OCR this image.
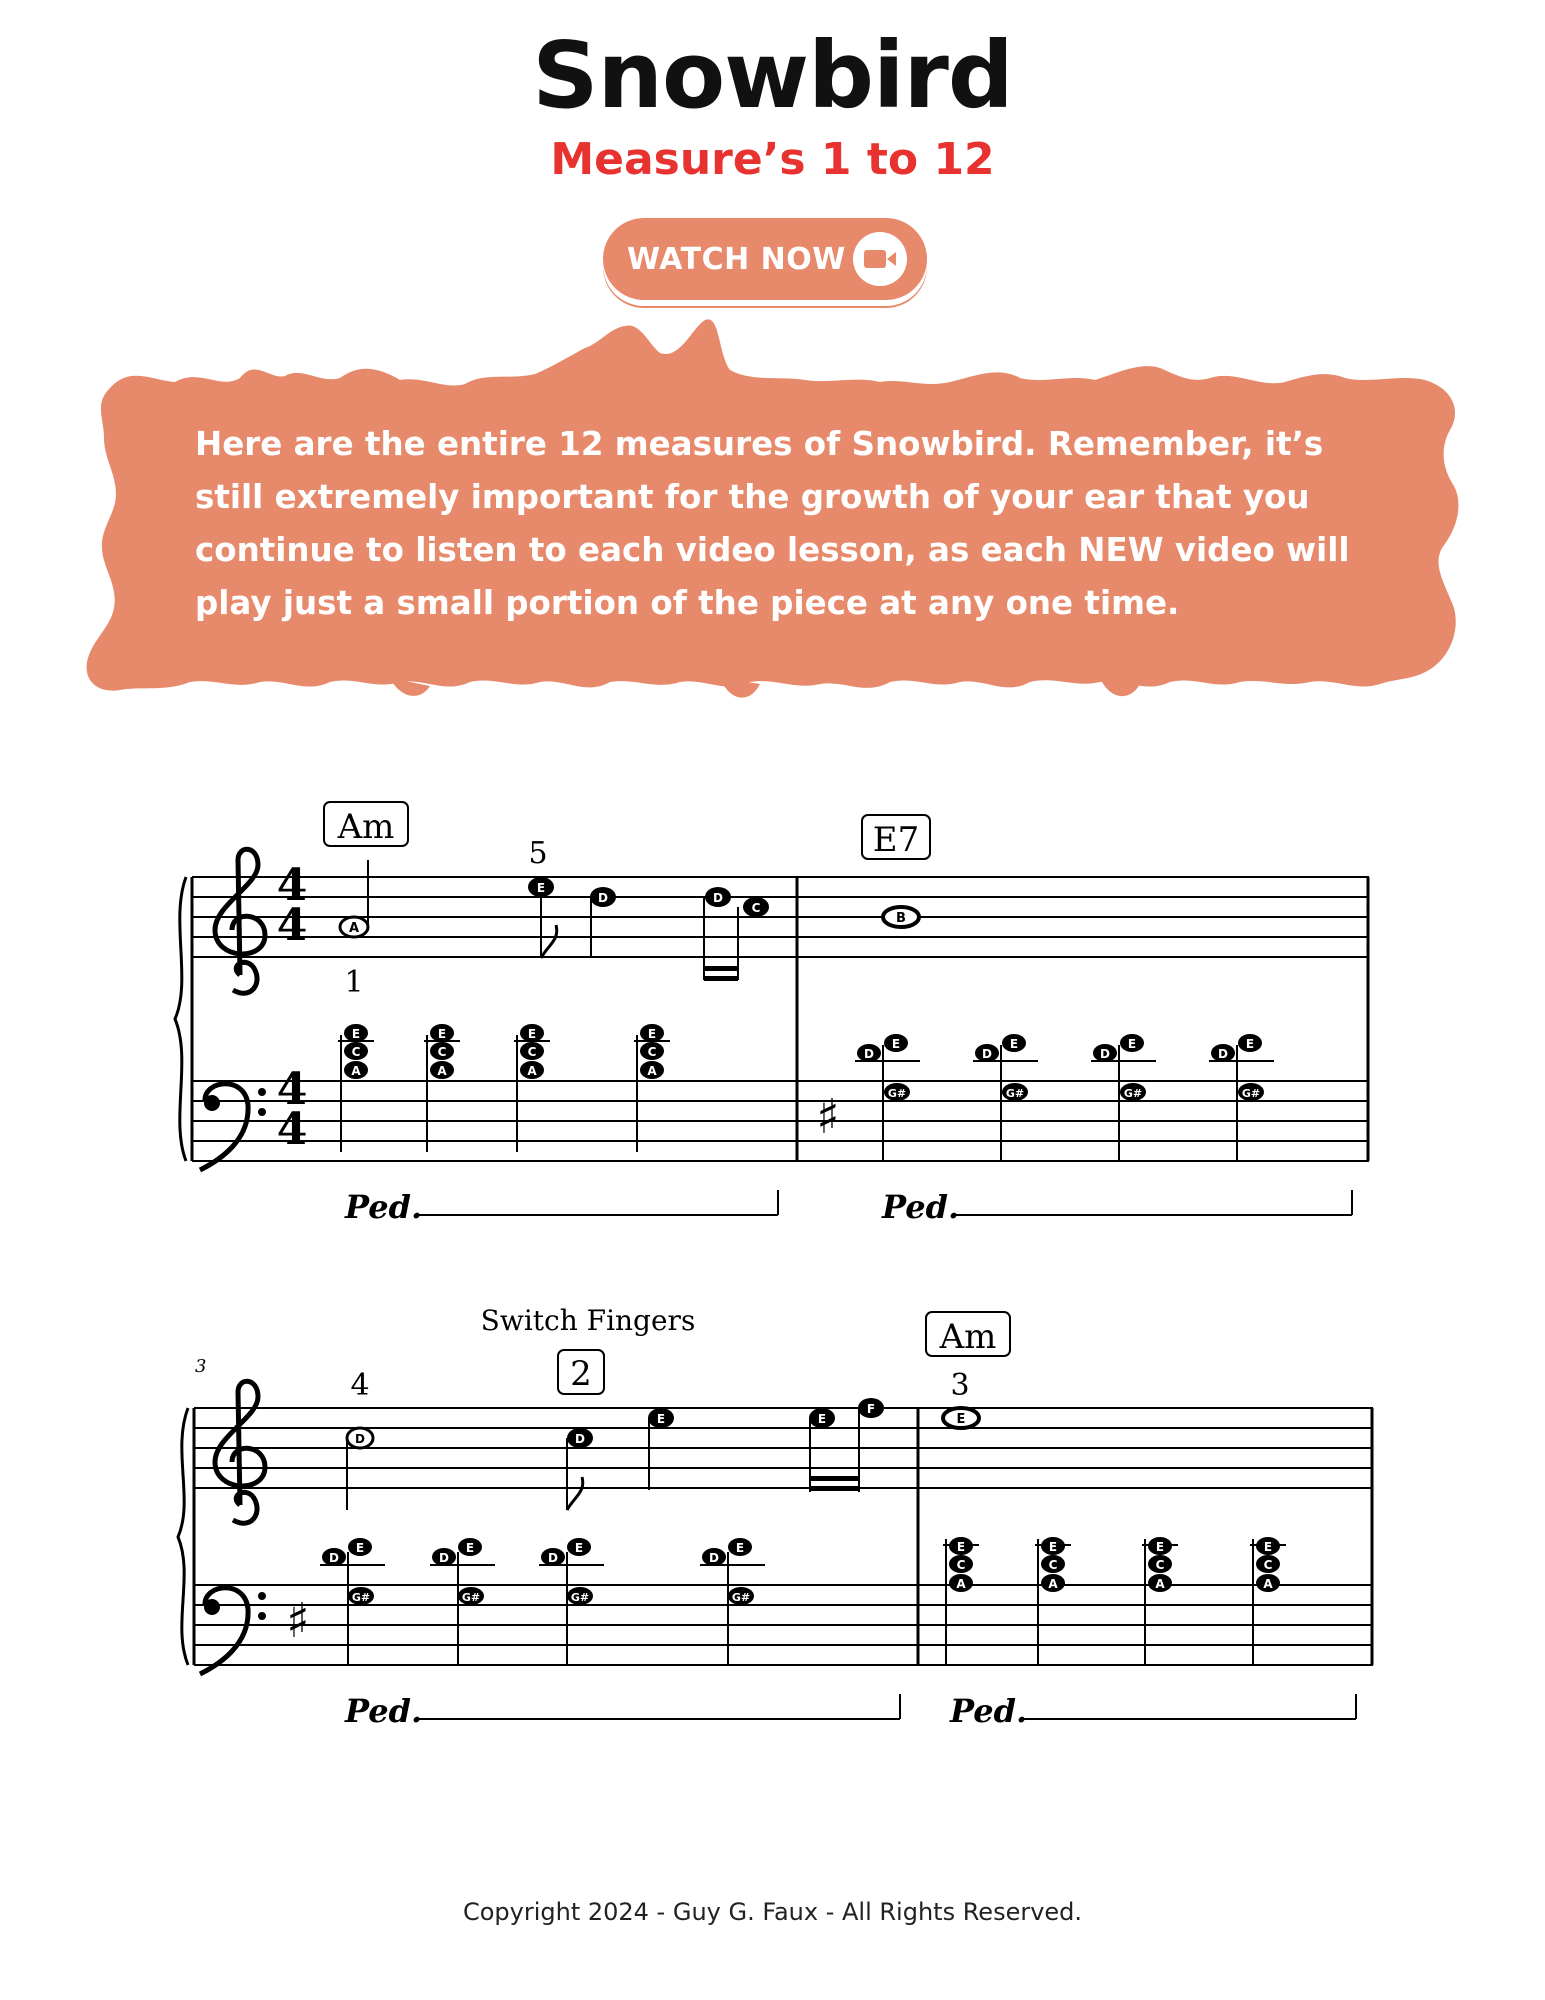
Snowbird
Measure’s 1 to 12
WATCH NOW
Here are the entire 12 measures of Snowbird. Remember, it’s still extremely important for the growth of your ear that you continue to listen to each video lesson, as each NEW video will play just a small portion of the piece at any one time.
4
4
4
4
Am
5
1
A
E
D	D
C
E
C
A
E
C
A
E
C
A
E
C
A
E7
B
♯
D
E
G#
D
E
G#
D
E
G#
D
E
G#
Ped.	Ped.
3
♯
4
Switch Fingers
2
D	D
E	E
F
D
E
G#
D
E
G#
D
E
G#
D
E
G#
Am
3
E
E
C
A
E
C
A
E
C
A
E
C
A
Ped.	Ped.
Copyright 2024 - Guy G. Faux - All Rights Reserved.
